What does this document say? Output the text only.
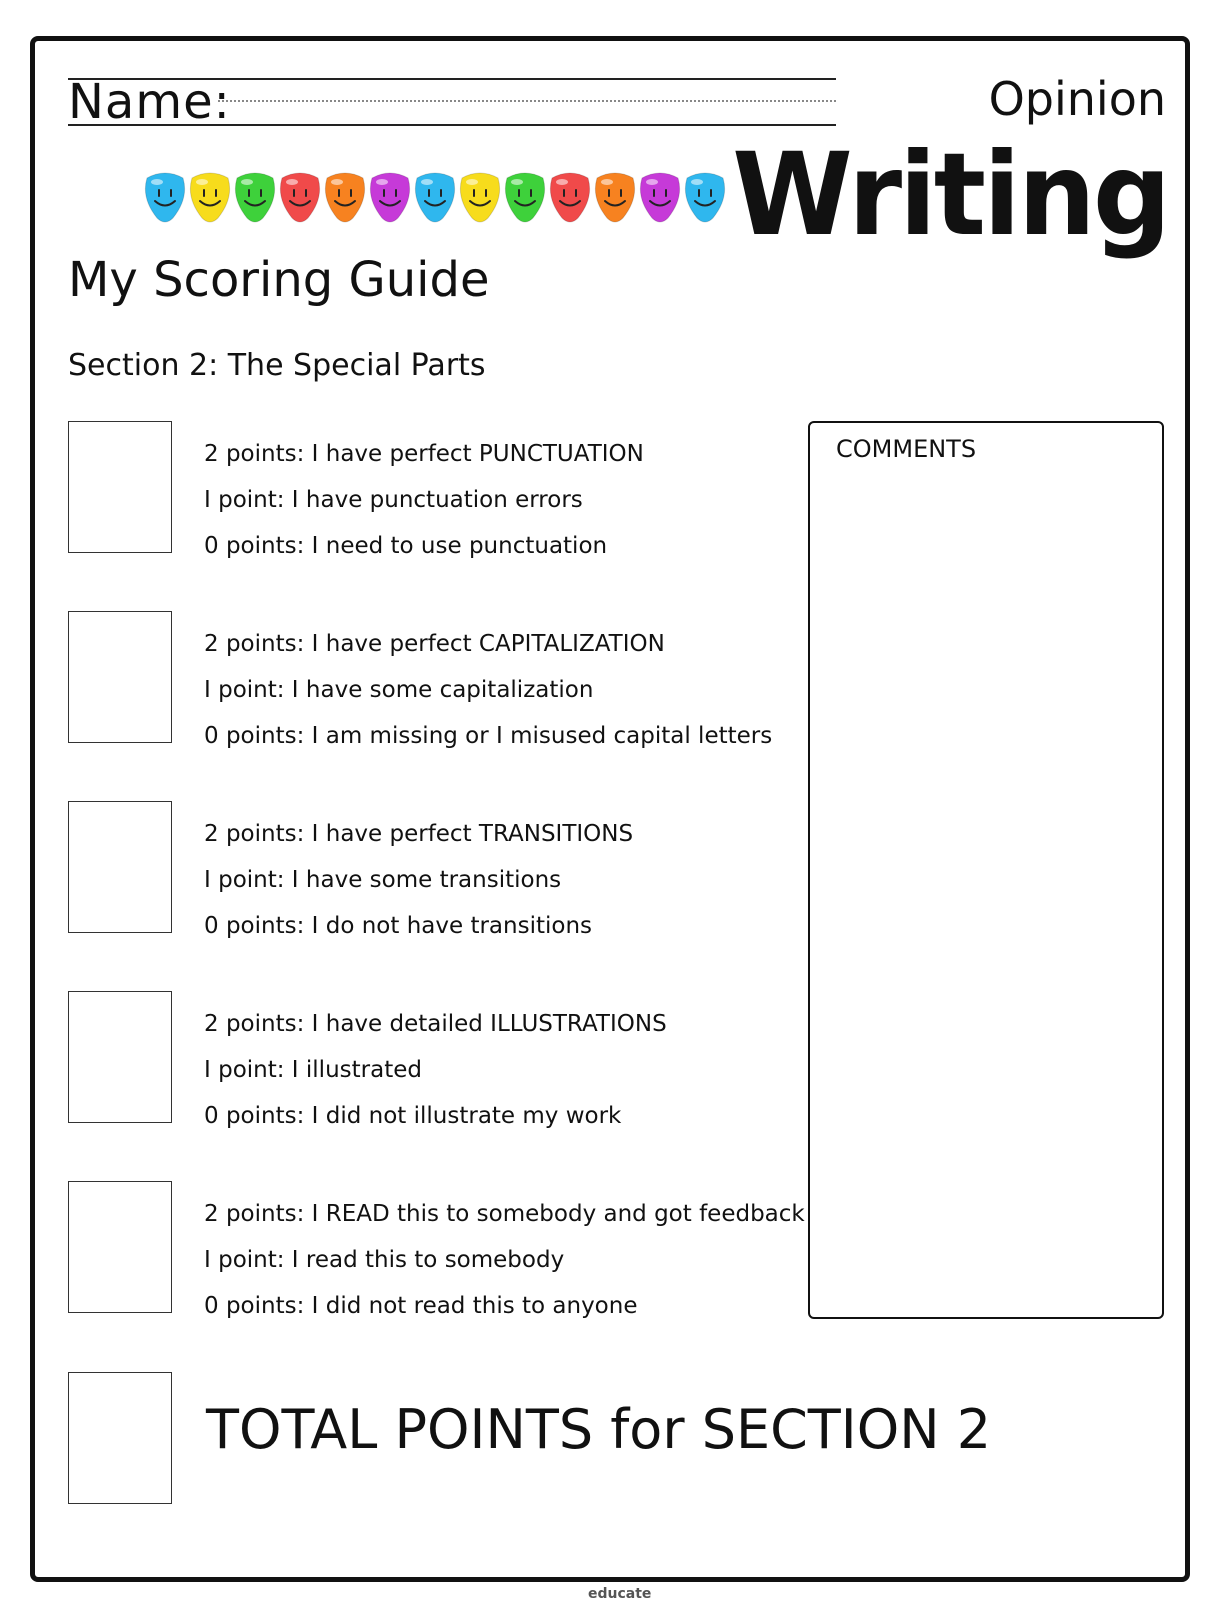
Name:	Opinion
Writing
My Scoring Guide
Section 2: The Special Parts
2 points: I have perfect PUNCTUATION
I point: I have punctuation errors
0 points: I need to use punctuation
2 points: I have perfect CAPITALIZATION
I point: I have some capitalization
0 points: I am missing or I misused capital letters
2 points: I have perfect TRANSITIONS
I point: I have some transitions
0 points: I do not have transitions
2 points: I have detailed ILLUSTRATIONS
I point: I illustrated
0 points: I did not illustrate my work
2 points: I READ this to somebody and got feedback
I point: I read this to somebody
0 points: I did not read this to anyone
COMMENTS
TOTAL POINTS for SECTION 2
educate
